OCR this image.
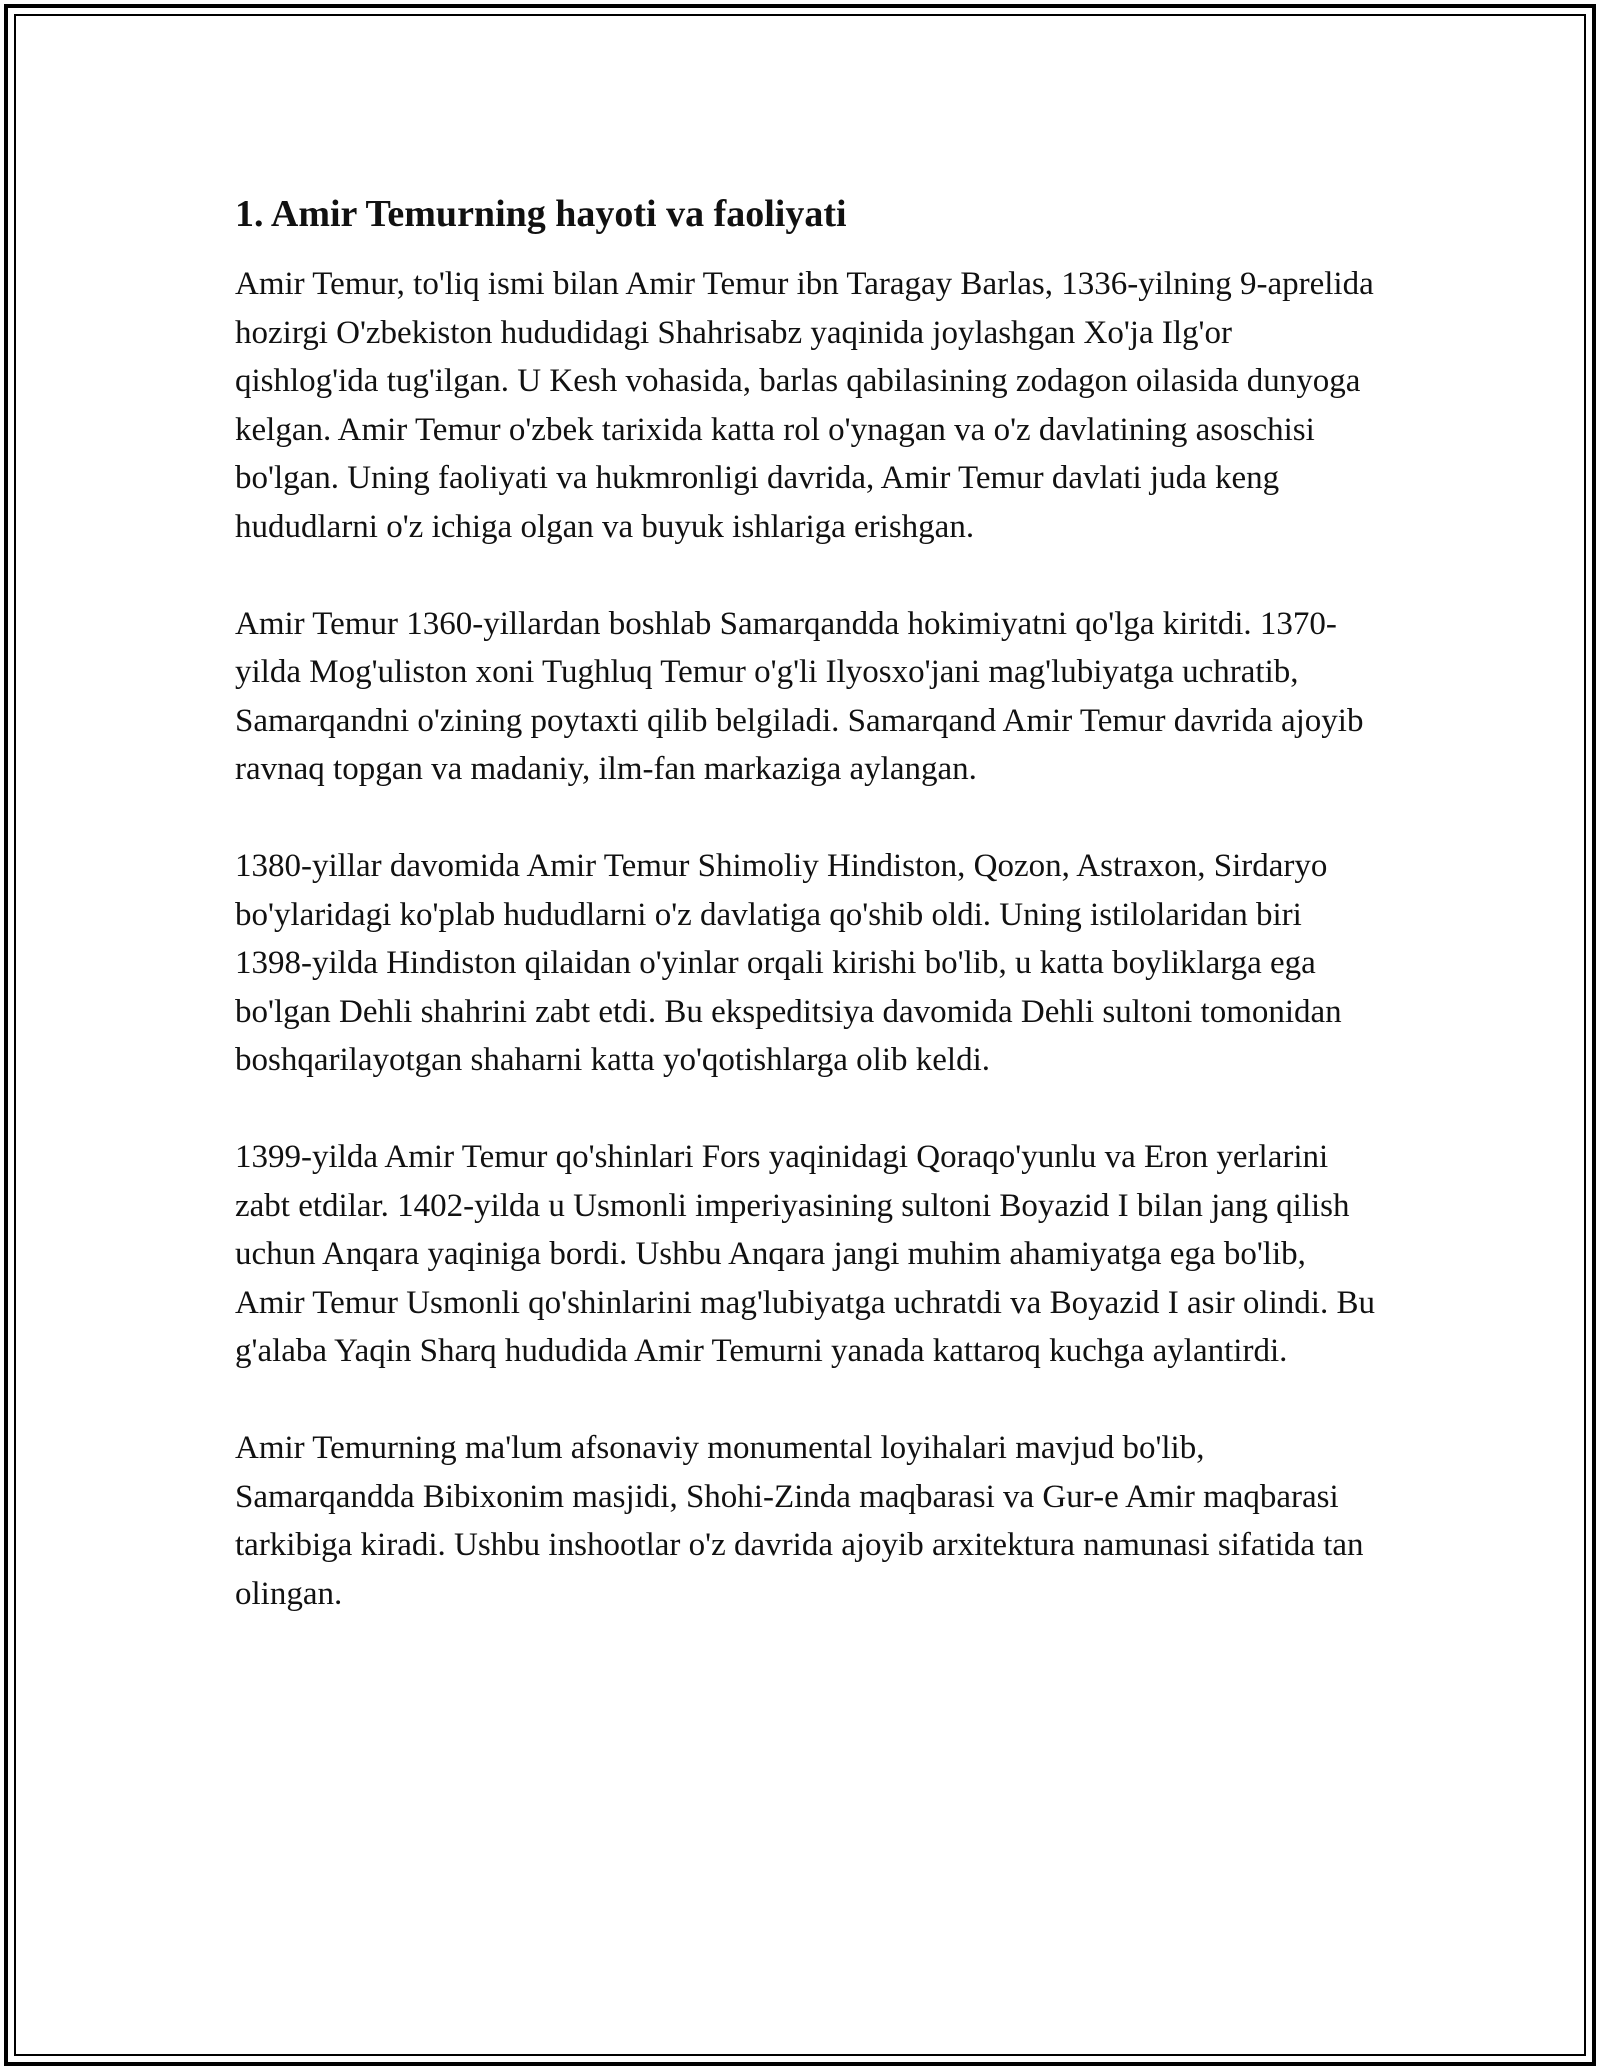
1. Amir Temurning hayoti va faoliyati

Amir Temur, to'liq ismi bilan Amir Temur ibn Taragay Barlas, 1336-yilning 9-aprelida hozirgi O'zbekiston hududidagi Shahrisabz yaqinida joylashgan Xo'ja Ilg'or qishlog'ida tug'ilgan. U Kesh vohasida, barlas qabilasining zodagon oilasida dunyoga kelgan. Amir Temur o'zbek tarixida katta rol o'ynagan va o'z davlatining asoschisi bo'lgan. Uning faoliyati va hukmronligi davrida, Amir Temur davlati juda keng hududlarni o'z ichiga olgan va buyuk ishlariga erishgan.

Amir Temur 1360-yillardan boshlab Samarqandda hokimiyatni qo'lga kiritdi. 1370-yilda Mog'uliston xoni Tughluq Temur o'g'li Ilyosxo'jani mag'lubiyatga uchratib, Samarqandni o'zining poytaxti qilib belgiladi. Samarqand Amir Temur davrida ajoyib ravnaq topgan va madaniy, ilm-fan markaziga aylangan.

1380-yillar davomida Amir Temur Shimoliy Hindiston, Qozon, Astraxon, Sirdaryo bo'ylaridagi ko'plab hududlarni o'z davlatiga qo'shib oldi. Uning istilolaridan biri 1398-yilda Hindiston qilaidan o'yinlar orqali kirishi bo'lib, u katta boyliklarga ega bo'lgan Dehli shahrini zabt etdi. Bu ekspeditsiya davomida Dehli sultoni tomonidan boshqarilayotgan shaharni katta yo'qotishlarga olib keldi.

1399-yilda Amir Temur qo'shinlari Fors yaqinidagi Qoraqo'yunlu va Eron yerlarini zabt etdilar. 1402-yilda u Usmonli imperiyasining sultoni Boyazid I bilan jang qilish uchun Anqara yaqiniga bordi. Ushbu Anqara jangi muhim ahamiyatga ega bo'lib, Amir Temur Usmonli qo'shinlarini mag'lubiyatga uchratdi va Boyazid I asir olindi. Bu g'alaba Yaqin Sharq hududida Amir Temurni yanada kattaroq kuchga aylantirdi.

Amir Temurning ma'lum afsonaviy monumental loyihalari mavjud bo'lib, Samarqandda Bibixonim masjidi, Shohi-Zinda maqbarasi va Gur-e Amir maqbarasi tarkibiga kiradi. Ushbu inshootlar o'z davrida ajoyib arxitektura namunasi sifatida tan olingan.
